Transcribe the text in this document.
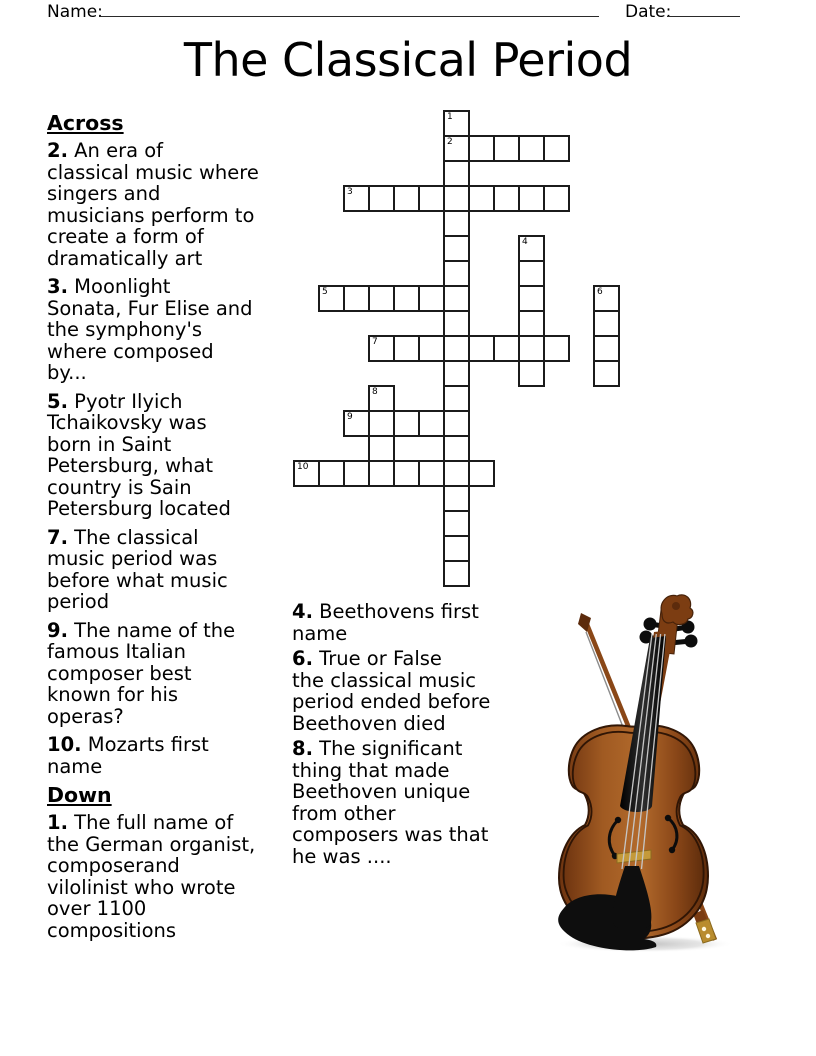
Name:	Date:
The Classical Period
1
2
3
4
5	6
7
8
9
10
Across
2. An era of
classical music where
singers and
musicians perform to
create a form of
dramatically art
3. Moonlight
Sonata, Fur Elise and
the symphony's
where composed
by...
5. Pyotr Ilyich
Tchaikovsky was
born in Saint
Petersburg, what
country is Sain
Petersburg located
7. The classical
music period was
before what music
period
9. The name of the
famous Italian
composer best
known for his
operas?
10. Mozarts first
name
Down
1. The full name of
the German organist,
composerand
vilolinist who wrote
over 1100
compositions
4. Beethovens first
name
6. True or False
the classical music
period ended before
Beethoven died
8. The significant
thing that made
Beethoven unique
from other
composers was that
he was ....
